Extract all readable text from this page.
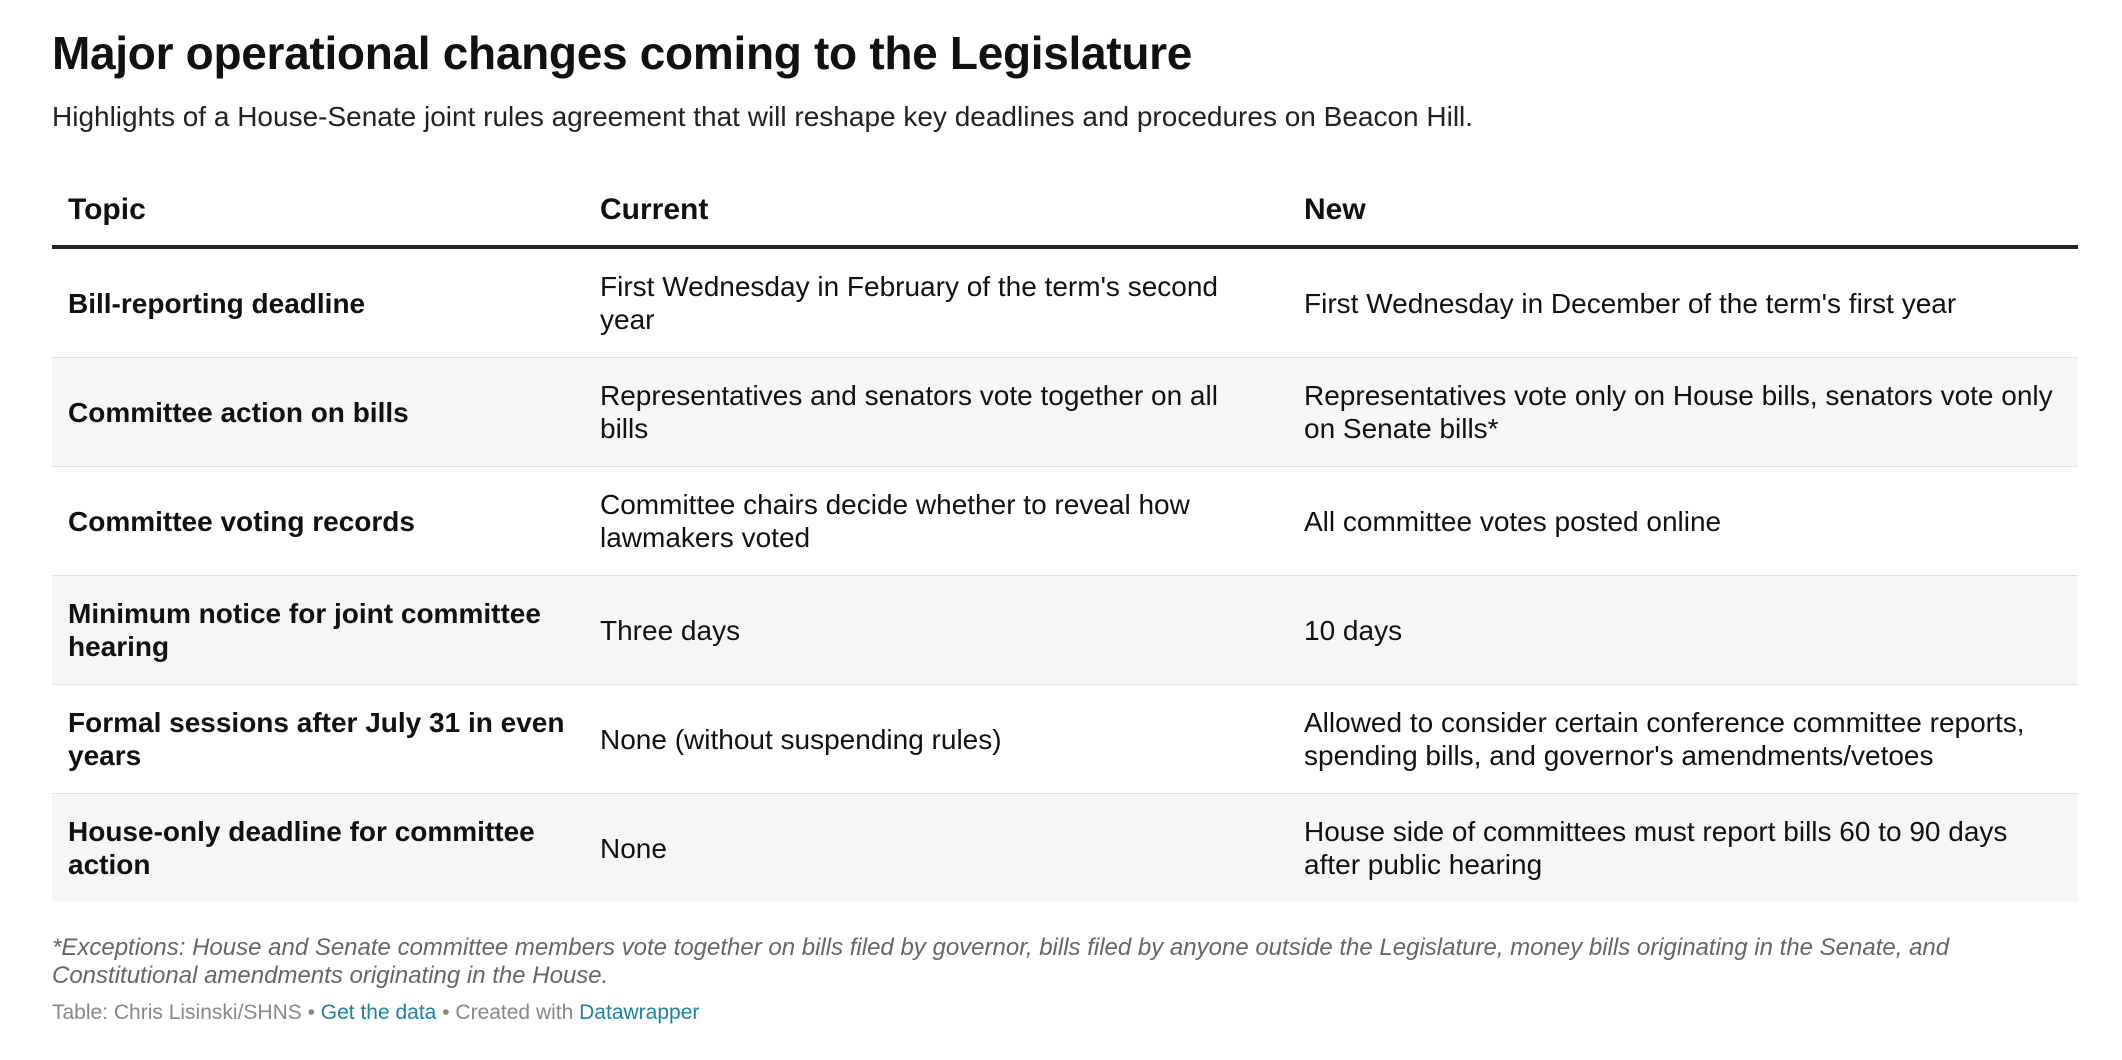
Major operational changes coming to the Legislature

Highlights of a House-Senate joint rules agreement that will reshape key deadlines and procedures on Beacon Hill.

Topic	Current	New
Bill-reporting deadline	First Wednesday in February of the term's second year	First Wednesday in December of the term's first year
Committee action on bills	Representatives and senators vote together on all bills	Representatives vote only on House bills, senators vote only on Senate bills*
Committee voting records	Committee chairs decide whether to reveal how lawmakers voted	All committee votes posted online
Minimum notice for joint committee hearing	Three days	10 days
Formal sessions after July 31 in even years	None (without suspending rules)	Allowed to consider certain conference committee reports, spending bills, and governor's amendments/vetoes
House-only deadline for committee action	None	House side of committees must report bills 60 to 90 days after public hearing

*Exceptions: House and Senate committee members vote together on bills filed by governor, bills filed by anyone outside the Legislature, money bills originating in the Senate, and Constitutional amendments originating in the House.

Table: Chris Lisinski/SHNS • Get the data • Created with Datawrapper
